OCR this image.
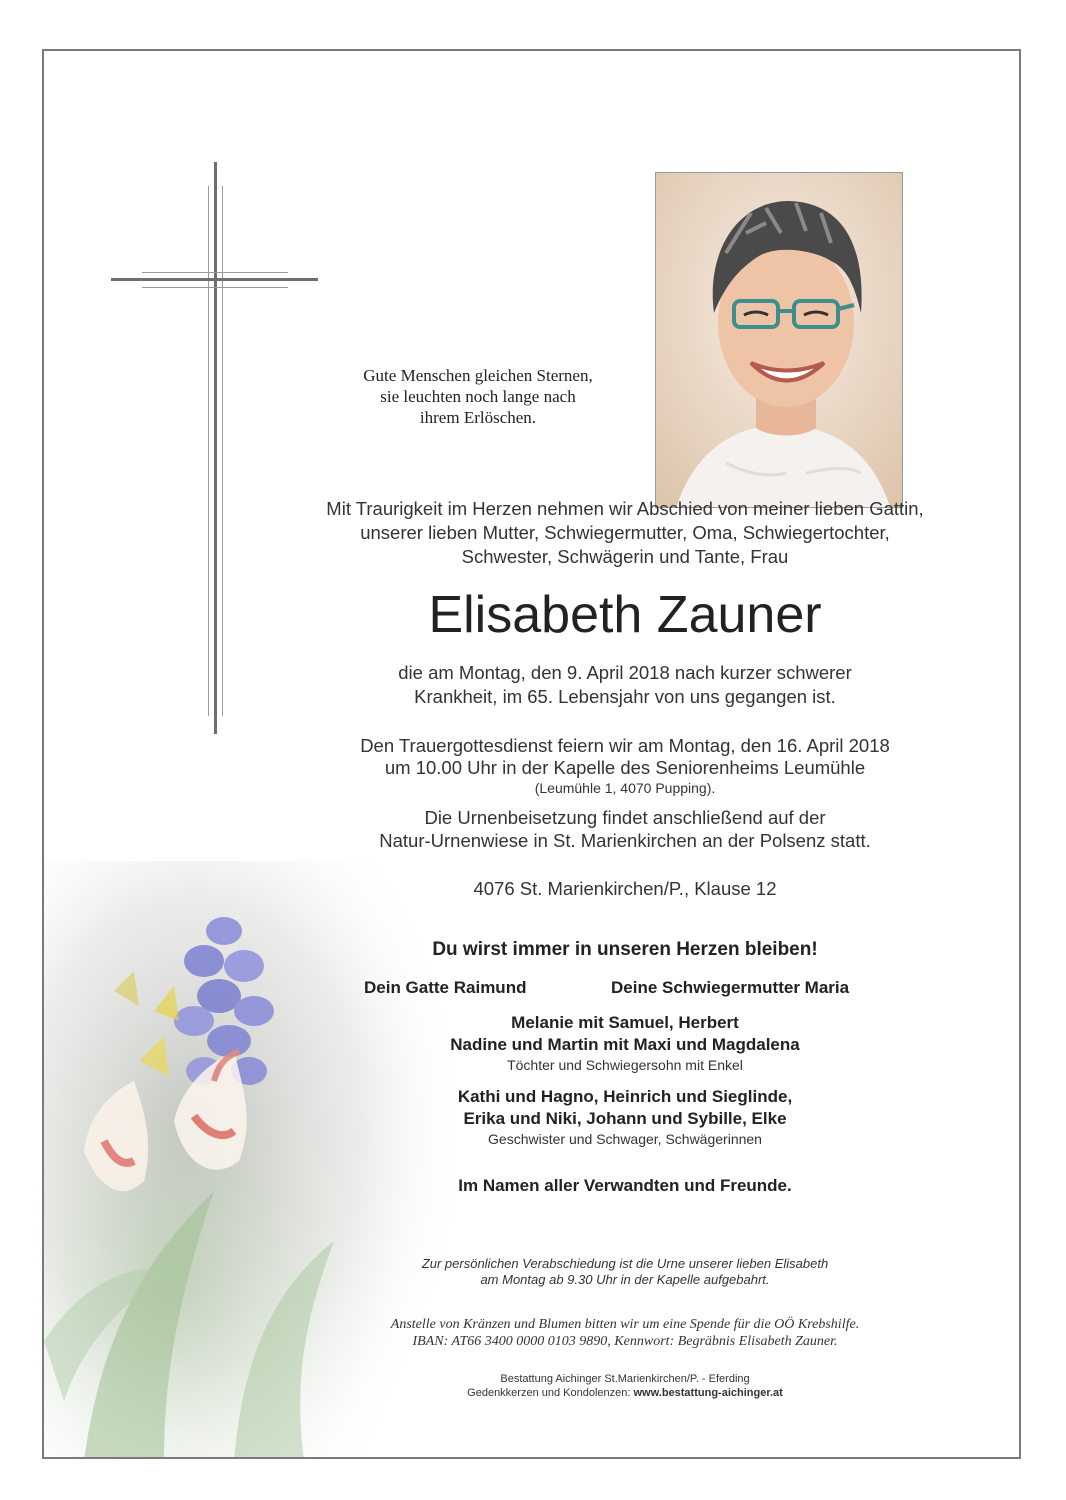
Gute Menschen gleichen Sternen,
sie leuchten noch lange nach
ihrem Erlöschen.
Mit Traurigkeit im Herzen nehmen wir Abschied von meiner lieben Gattin,
unserer lieben Mutter, Schwiegermutter, Oma, Schwiegertochter,
Schwester, Schwägerin und Tante, Frau
Elisabeth Zauner
die am Montag, den 9. April 2018 nach kurzer schwerer
Krankheit, im 65. Lebensjahr von uns gegangen ist.
Den Trauergottesdienst feiern wir am Montag, den 16. April 2018
um 10.00 Uhr in der Kapelle des Seniorenheims Leumühle
(Leumühle 1, 4070 Pupping).
Die Urnenbeisetzung findet anschließend auf der
Natur-Urnenwiese in St. Marienkirchen an der Polsenz statt.
4076 St. Marienkirchen/P., Klause 12
Du wirst immer in unseren Herzen bleiben!
Dein Gatte Raimund	Deine Schwiegermutter Maria
Melanie mit Samuel, Herbert
Nadine und Martin mit Maxi und Magdalena
Töchter und Schwiegersohn mit Enkel
Kathi und Hagno, Heinrich und Sieglinde,
Erika und Niki, Johann und Sybille, Elke
Geschwister und Schwager, Schwägerinnen
Im Namen aller Verwandten und Freunde.
Zur persönlichen Verabschiedung ist die Urne unserer lieben Elisabeth
am Montag ab 9.30 Uhr in der Kapelle aufgebahrt.
Anstelle von Kränzen und Blumen bitten wir um eine Spende für die OÖ Krebshilfe.
IBAN: AT66 3400 0000 0103 9890, Kennwort: Begräbnis Elisabeth Zauner.
Bestattung Aichinger St.Marienkirchen/P. - Eferding
Gedenkkerzen und Kondolenzen: www.bestattung-aichinger.at
